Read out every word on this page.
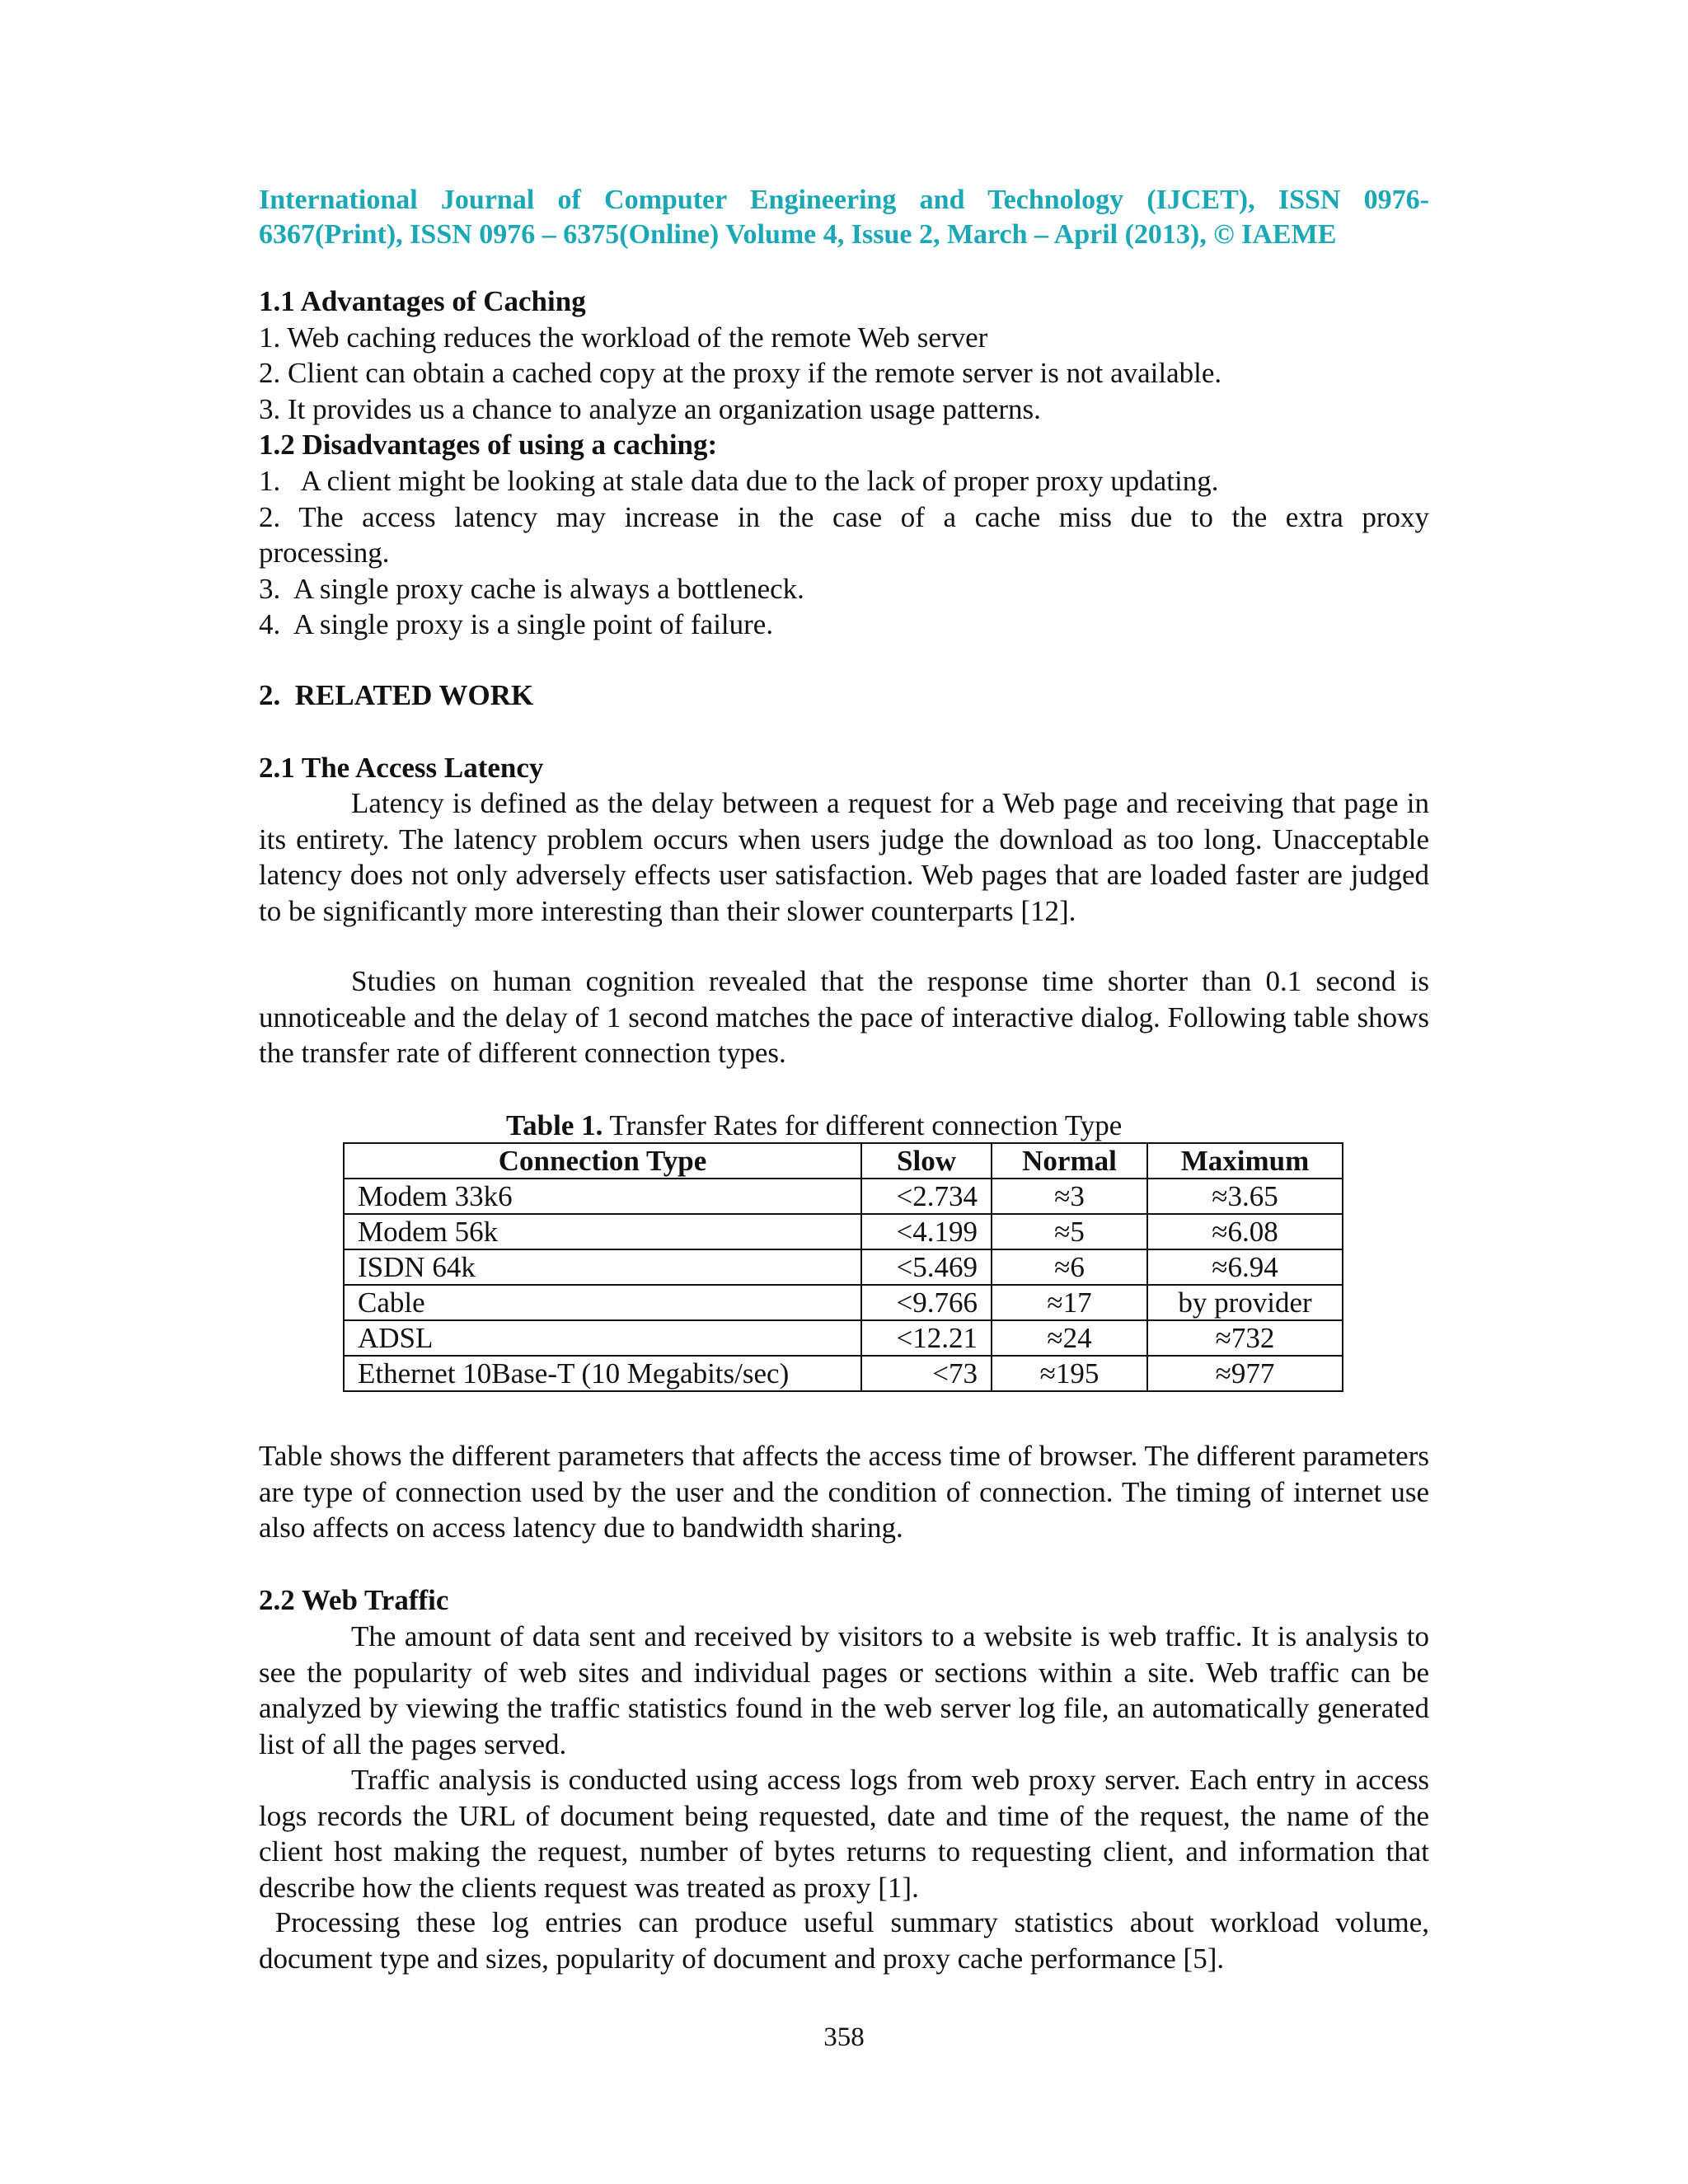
International Journal of Computer Engineering and Technology (IJCET), ISSN 0976-
6367(Print), ISSN 0976 – 6375(Online) Volume 4, Issue 2, March – April (2013), © IAEME
1.1 Advantages of Caching
1. Web caching reduces the workload of the remote Web server
2. Client can obtain a cached copy at the proxy if the remote server is not available.
3. It provides us a chance to analyze an organization usage patterns.
1.2 Disadvantages of using a caching:
1.   A client might be looking at stale data due to the lack of proper proxy updating.
2. The access latency may increase in the case of a cache miss due to the extra proxy
processing.
3.  A single proxy cache is always a bottleneck.
4.  A single proxy is a single point of failure.
2.  RELATED WORK
2.1 The Access Latency
Latency is defined as the delay between a request for a Web page and receiving that page in its entirety. The latency problem occurs when users judge the download as too long. Unacceptable latency does not only adversely effects user satisfaction. Web pages that are loaded faster are judged to be significantly more interesting than their slower counterparts [12].
Studies on human cognition revealed that the response time shorter than 0.1 second is unnoticeable and the delay of 1 second matches the pace of interactive dialog. Following table shows the transfer rate of different connection types.
Table 1. Transfer Rates for different connection Type
Connection Type	Slow	Normal	Maximum
Modem 33k6	<2.734	≈3	≈3.65
Modem 56k	<4.199	≈5	≈6.08
ISDN 64k	<5.469	≈6	≈6.94
Cable	<9.766	≈17	by provider
ADSL	<12.21	≈24	≈732
Ethernet 10Base-T (10 Megabits/sec)	<73	≈195	≈977
Table shows the different parameters that affects the access time of browser. The different parameters are type of connection used by the user and the condition of connection. The timing of internet use also affects on access latency due to bandwidth sharing.
2.2 Web Traffic
The amount of data sent and received by visitors to a website is web traffic. It is analysis to see the popularity of web sites and individual pages or sections within a site. Web traffic can be analyzed by viewing the traffic statistics found in the web server log file, an automatically generated list of all the pages served.
Traffic analysis is conducted using access logs from web proxy server. Each entry in access logs records the URL of document being requested, date and time of the request, the name of the client host making the request, number of bytes returns to requesting client, and information that describe how the clients request was treated as proxy [1].
Processing these log entries can produce useful summary statistics about workload volume, document type and sizes, popularity of document and proxy cache performance [5].
358
